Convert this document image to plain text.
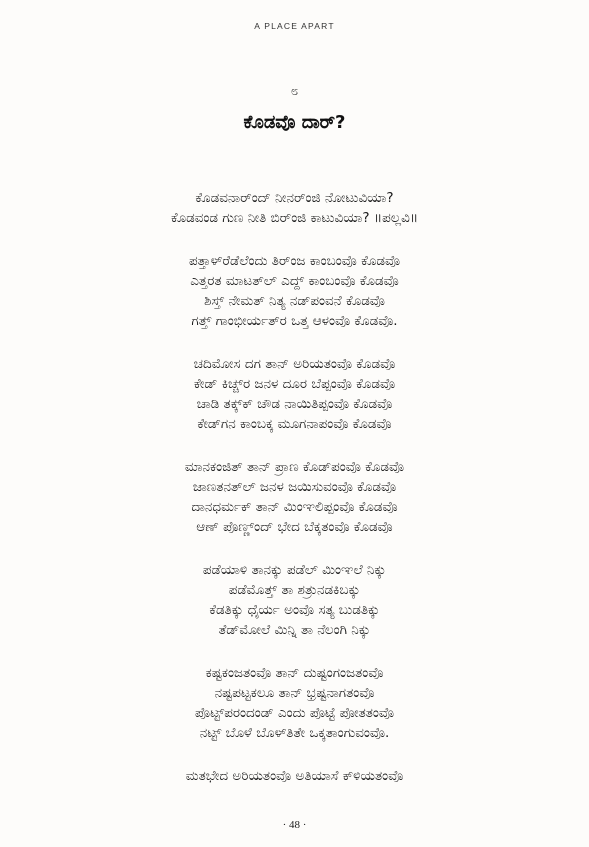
A PLACE APART
೮
ಕೊಡವೊ ದಾರ್?
ಕೊಡವನಾರ್‌ಂದ್ ನೀನರ್‌ಂಜಿ ನೋಟುವಿಯಾ?
ಕೊಡವಂಡ ಗುಣ ನೀತಿ ಬಿರ್‌ಂಜಿ ಕಾಟುವಿಯಾ? ॥ಪಲ್ಲವಿ॥
ಪತ್ತಾಳ್‌ರೆಡೆಲೆಂದು ತಿರ್‌ಂಜ ಕಾಂಬಂವೊ ಕೊಡವೊ
ಎತ್ತರತ ಮಾಟತ್‌ಲ್ ಎದ್ದ್ ಕಾಂಬಂವೊ ಕೊಡವೊ
ಶಿಸ್ತ್ ನೇಮತ್ ನಿತ್ಯ ನಡ್‌ಪಂವನೆ ಕೊಡವೊ
ಗತ್ತ್ ಗಾಂಭೀರ್ಯತ್‌ರ ಒತ್ತ ಆಳಂವೊ ಕೊಡವೊ.
ಚದಿಮೋಸ ದಗ ತಾನ್ ಅರಿಯತಂವೊ ಕೊಡವೊ
ಕೇಡ್ ಕಿಚ್ಚ್‌ರ ಜನಳ ದೂರ ಬೆಪ್ಪಂವೊ ಕೊಡವೊ
ಚಾಡಿ ತಕ್ಕ್‌ಕ್ ಚೌಡ ನಾಯಿತಿಪ್ಪಂವೊ ಕೊಡವೊ
ಕೇಡ್‌ಗನ ಕಾಂಬಕ್ಕ ಮೂಗನಾಪಂವೊ ಕೊಡವೊ
ಮಾನಕಂಜಿತ್ ತಾನ್ ಪ್ರಾಣ ಕೊಡ್‌ಪಂವೊ ಕೊಡವೊ
ಜಾಣತನತ್‌ಲ್ ಜನಳ ಜಯಿಸುವಂವೊ ಕೊಡವೊ
ದಾನಧರ್ಮಕ್ ತಾನ್ ಮಿಂಞಲಿಪ್ಪಂವೊ ಕೊಡವೊ
ಆಣ್ ಪೊಣ್ಣ್‌ಂದ್ ಭೇದ ಬೆಕ್ಕತಂವೊ ಕೊಡವೊ
ಪಡೆಯಾಳಿ ತಾನಕ್ಕು ಪಡೆಲ್ ಮಿಂಞಲೆ ನಿಕ್ಕು
ಪಡೆಮೊತ್ತ್ ತಾ ಶತ್ರುನಡಕಿಬಕ್ಕು
ಕೆಡತಿಕ್ಕು ಧೈರ್ಯ ಅಂವೊ ಸತ್ಯ ಬುಡತಿಕ್ಕು
ತೆಡ್‌ಮೋಲೆ ಮಿನ್ನಿ ತಾ ನೆಲಂಗಿ ನಿಕ್ಕು
ಕಷ್ಟಕಂಜತಂವೊ ತಾನ್ ದುಷ್ಟಂಗಂಜತಂವೊ
ನಷ್ಟಪಟ್ಟಕಲೂ ತಾನ್ ಭ್ರಷ್ಟನಾಗತಂವೊ
ಪೊಟ್ಟ್‌ಪರಂದಂಡ್ ಎಂದು ಪೊಟ್ಟೆ ಪೋತತಂವೊ
ನಟ್ಟ್ ಬೊಳೆ ಬೊಳ್‌ತಿತೇ ಒಕ್ಕತಾಂಗುವಂವೊ.
ಮತಭೇದ ಅರಿಯತಂವೊ ಅತಿಯಾಸೆ ಕ್‌ಳಿಯತಂವೊ
· 48 ·
